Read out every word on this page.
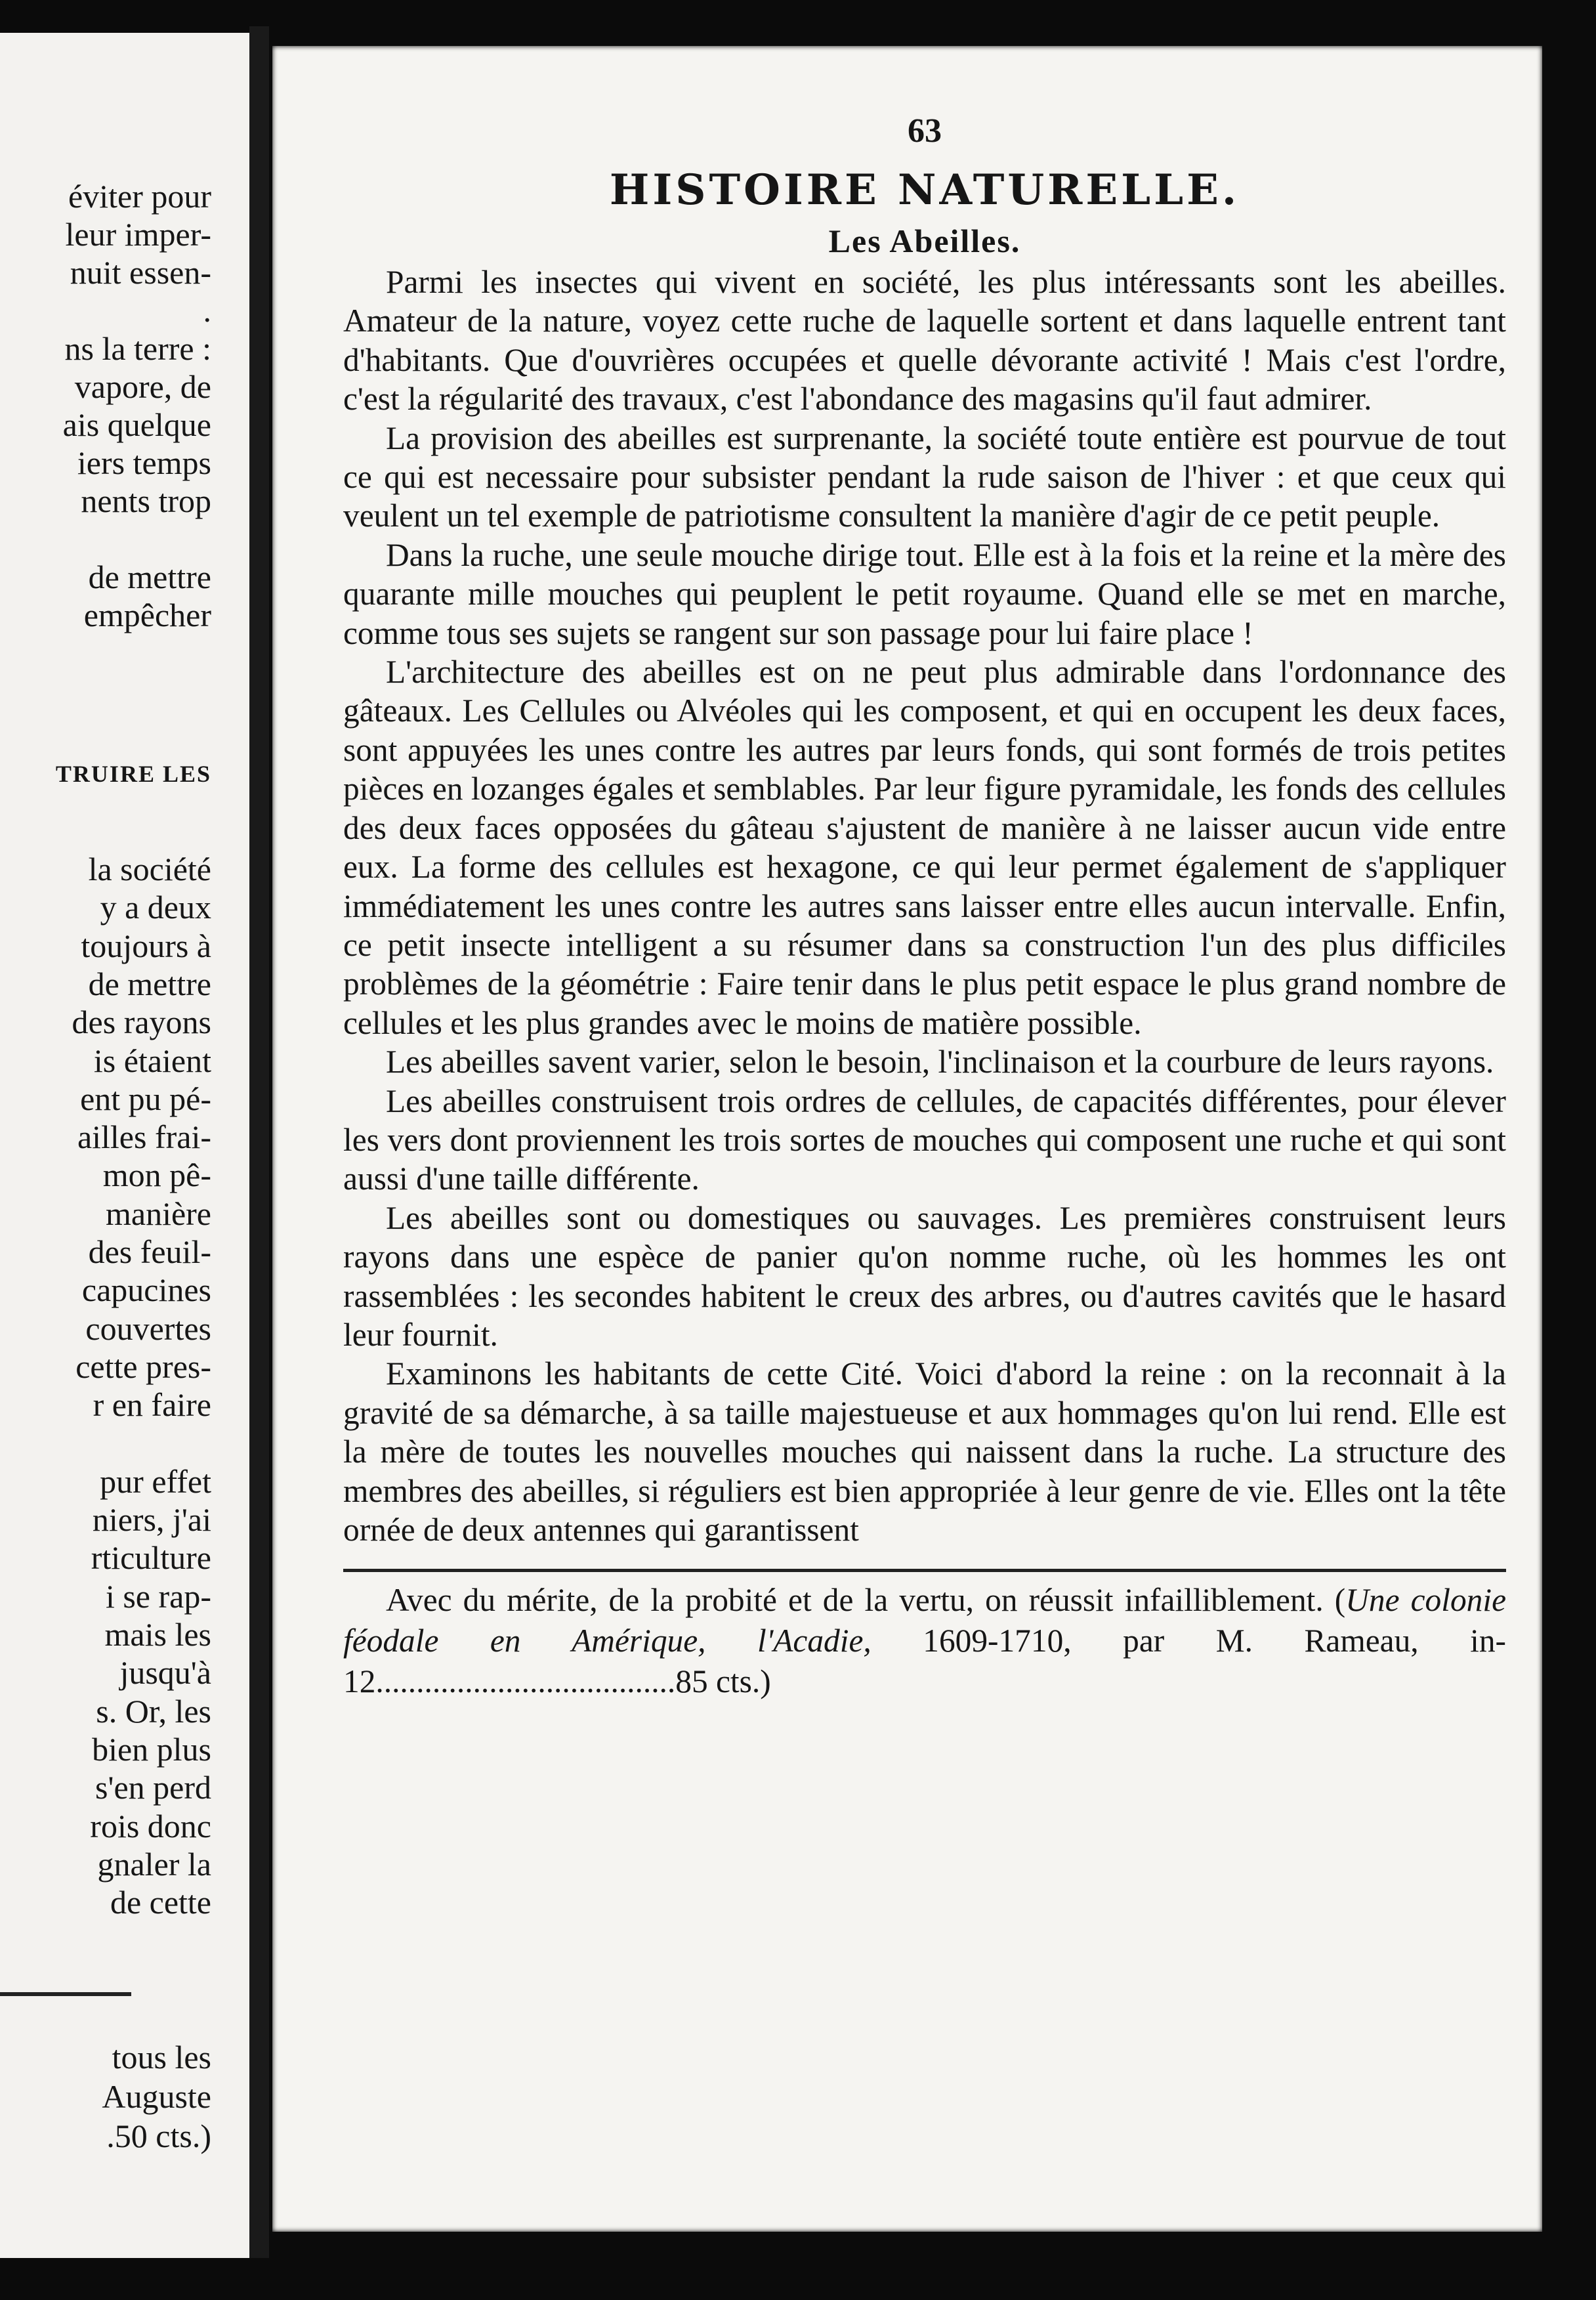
éviter pour
leur imper-
nuit essen-
.
ns la terre :
vapore, de
ais quelque
iers temps
nents trop
de mettre
empêcher
TRUIRE LES
la société
y a deux
toujours à
de mettre
des rayons
is étaient
ent pu pé-
ailles frai-
mon pê-
manière
des feuil-
capucines
couvertes
cette pres-
r en faire
pur effet
niers, j'ai
rticulture
i se rap-
mais les
jusqu'à
s. Or, les
bien plus
s'en perd
rois donc
gnaler la
de cette
tous les
Auguste
.50 cts.)
63
HISTOIRE NATURELLE.
Les Abeilles.

Parmi les insectes qui vivent en société, les plus intéressants sont les abeilles. Amateur de la nature, voyez cette ruche de laquelle sortent et dans laquelle entrent tant d'habitants. Que d'ouvrières occupées et quelle dévorante activité ! Mais c'est l'ordre, c'est la régularité des travaux, c'est l'abondance des magasins qu'il faut admirer.

La provision des abeilles est surprenante, la société toute entière est pourvue de tout ce qui est necessaire pour subsister pendant la rude saison de l'hiver : et que ceux qui veulent un tel exemple de patriotisme consultent la manière d'agir de ce petit peuple.

Dans la ruche, une seule mouche dirige tout. Elle est à la fois et la reine et la mère des quarante mille mouches qui peuplent le petit royaume. Quand elle se met en marche, comme tous ses sujets se rangent sur son passage pour lui faire place !

L'architecture des abeilles est on ne peut plus admirable dans l'ordonnance des gâteaux. Les Cellules ou Alvéoles qui les composent, et qui en occupent les deux faces, sont appuyées les unes contre les autres par leurs fonds, qui sont formés de trois petites pièces en lozanges égales et semblables. Par leur figure pyramidale, les fonds des cellules des deux faces opposées du gâteau s'ajustent de manière à ne laisser aucun vide entre eux. La forme des cellules est hexagone, ce qui leur permet également de s'appliquer immédiatement les unes contre les autres sans laisser entre elles aucun intervalle. Enfin, ce petit insecte intelligent a su résumer dans sa construction l'un des plus difficiles problèmes de la géométrie : Faire tenir dans le plus petit espace le plus grand nombre de cellules et les plus grandes avec le moins de matière possible.

Les abeilles savent varier, selon le besoin, l'inclinaison et la courbure de leurs rayons.

Les abeilles construisent trois ordres de cellules, de capacités différentes, pour élever les vers dont proviennent les trois sortes de mouches qui composent une ruche et qui sont aussi d'une taille différente.

Les abeilles sont ou domestiques ou sauvages. Les premières construisent leurs rayons dans une espèce de panier qu'on nomme ruche, où les hommes les ont rassemblées : les secondes habitent le creux des arbres, ou d'autres cavités que le hasard leur fournit.

Examinons les habitants de cette Cité. Voici d'abord la reine : on la reconnait à la gravité de sa démarche, à sa taille majestueuse et aux hommages qu'on lui rend. Elle est la mère de toutes les nouvelles mouches qui naissent dans la ruche. La structure des membres des abeilles, si réguliers est bien appropriée à leur genre de vie. Elles ont la tête ornée de deux antennes qui garantissent

Avec du mérite, de la probité et de la vertu, on réussit infailliblement. (Une colonie féodale en Amérique, l'Acadie, 1609-1710, par M. Rameau, in-12.....................................85 cts.)
